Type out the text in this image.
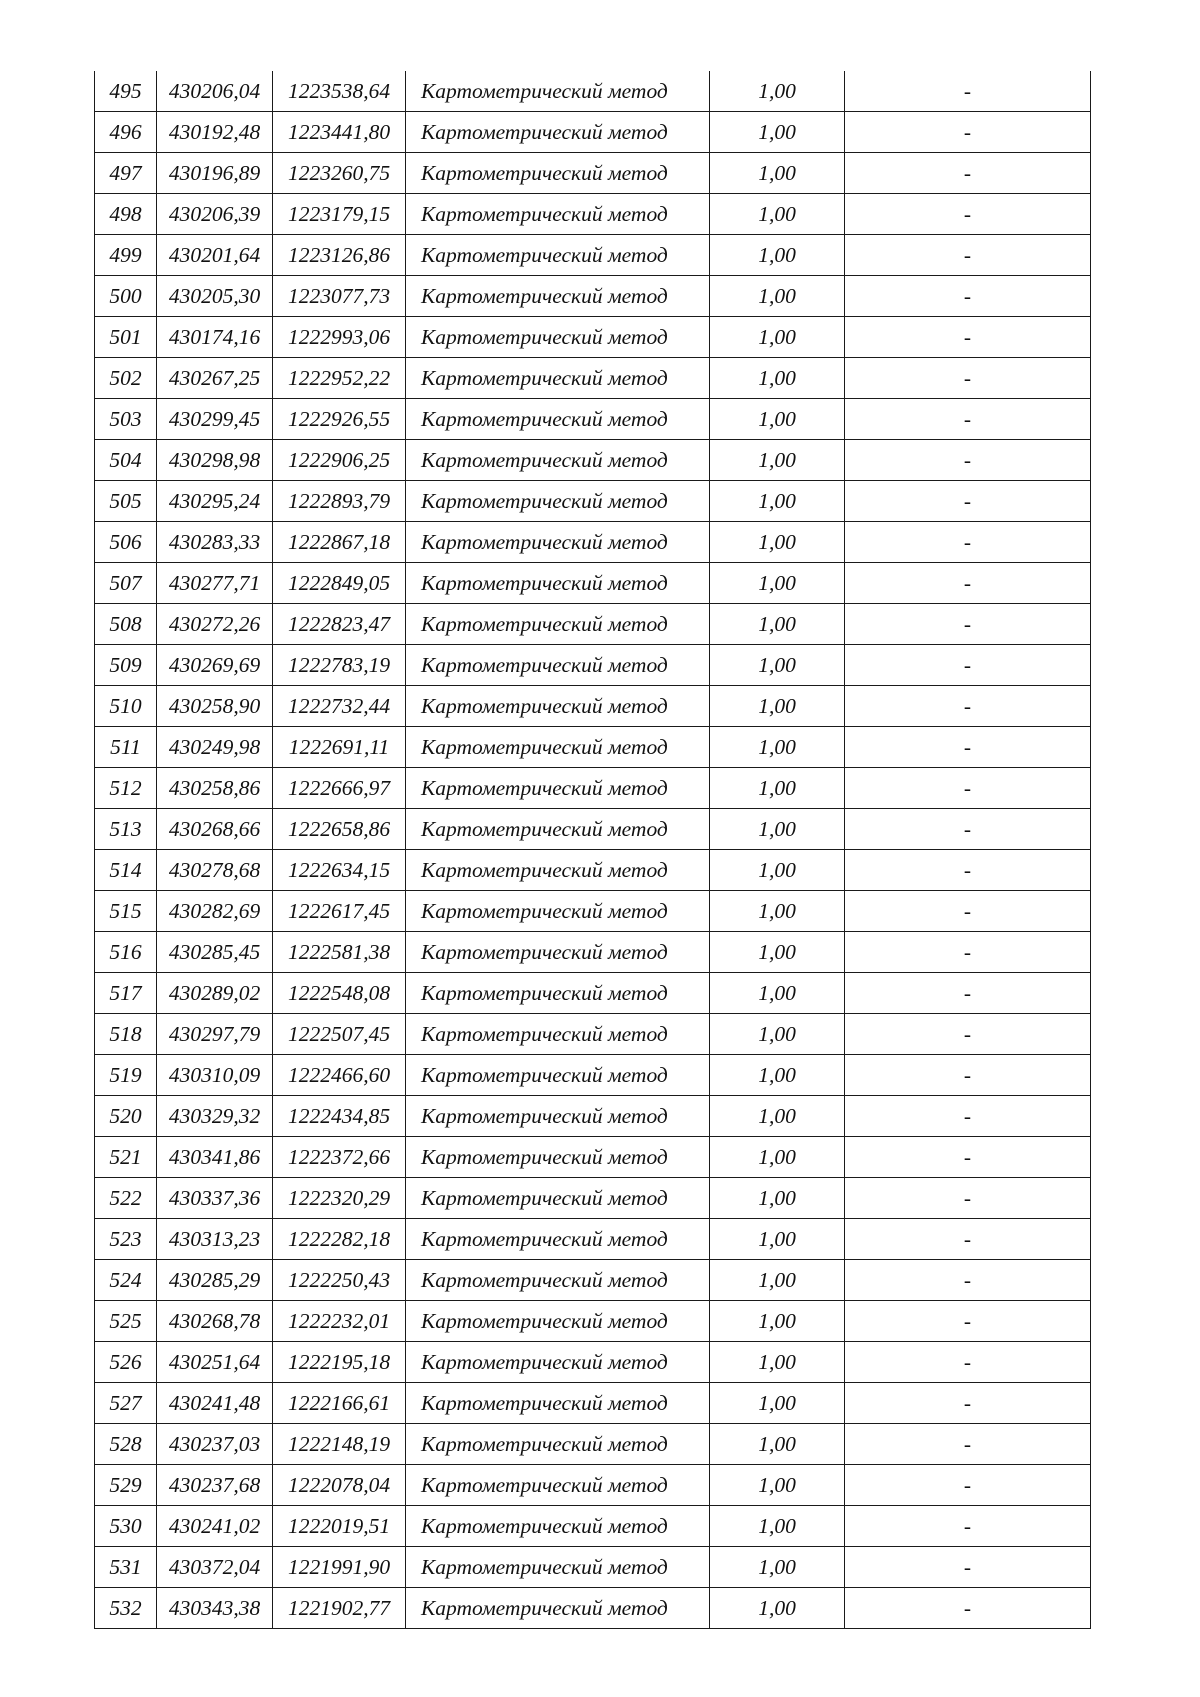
495	430206,04	1223538,64	Картометрический метод	1,00	-
496	430192,48	1223441,80	Картометрический метод	1,00	-
497	430196,89	1223260,75	Картометрический метод	1,00	-
498	430206,39	1223179,15	Картометрический метод	1,00	-
499	430201,64	1223126,86	Картометрический метод	1,00	-
500	430205,30	1223077,73	Картометрический метод	1,00	-
501	430174,16	1222993,06	Картометрический метод	1,00	-
502	430267,25	1222952,22	Картометрический метод	1,00	-
503	430299,45	1222926,55	Картометрический метод	1,00	-
504	430298,98	1222906,25	Картометрический метод	1,00	-
505	430295,24	1222893,79	Картометрический метод	1,00	-
506	430283,33	1222867,18	Картометрический метод	1,00	-
507	430277,71	1222849,05	Картометрический метод	1,00	-
508	430272,26	1222823,47	Картометрический метод	1,00	-
509	430269,69	1222783,19	Картометрический метод	1,00	-
510	430258,90	1222732,44	Картометрический метод	1,00	-
511	430249,98	1222691,11	Картометрический метод	1,00	-
512	430258,86	1222666,97	Картометрический метод	1,00	-
513	430268,66	1222658,86	Картометрический метод	1,00	-
514	430278,68	1222634,15	Картометрический метод	1,00	-
515	430282,69	1222617,45	Картометрический метод	1,00	-
516	430285,45	1222581,38	Картометрический метод	1,00	-
517	430289,02	1222548,08	Картометрический метод	1,00	-
518	430297,79	1222507,45	Картометрический метод	1,00	-
519	430310,09	1222466,60	Картометрический метод	1,00	-
520	430329,32	1222434,85	Картометрический метод	1,00	-
521	430341,86	1222372,66	Картометрический метод	1,00	-
522	430337,36	1222320,29	Картометрический метод	1,00	-
523	430313,23	1222282,18	Картометрический метод	1,00	-
524	430285,29	1222250,43	Картометрический метод	1,00	-
525	430268,78	1222232,01	Картометрический метод	1,00	-
526	430251,64	1222195,18	Картометрический метод	1,00	-
527	430241,48	1222166,61	Картометрический метод	1,00	-
528	430237,03	1222148,19	Картометрический метод	1,00	-
529	430237,68	1222078,04	Картометрический метод	1,00	-
530	430241,02	1222019,51	Картометрический метод	1,00	-
531	430372,04	1221991,90	Картометрический метод	1,00	-
532	430343,38	1221902,77	Картометрический метод	1,00	-
